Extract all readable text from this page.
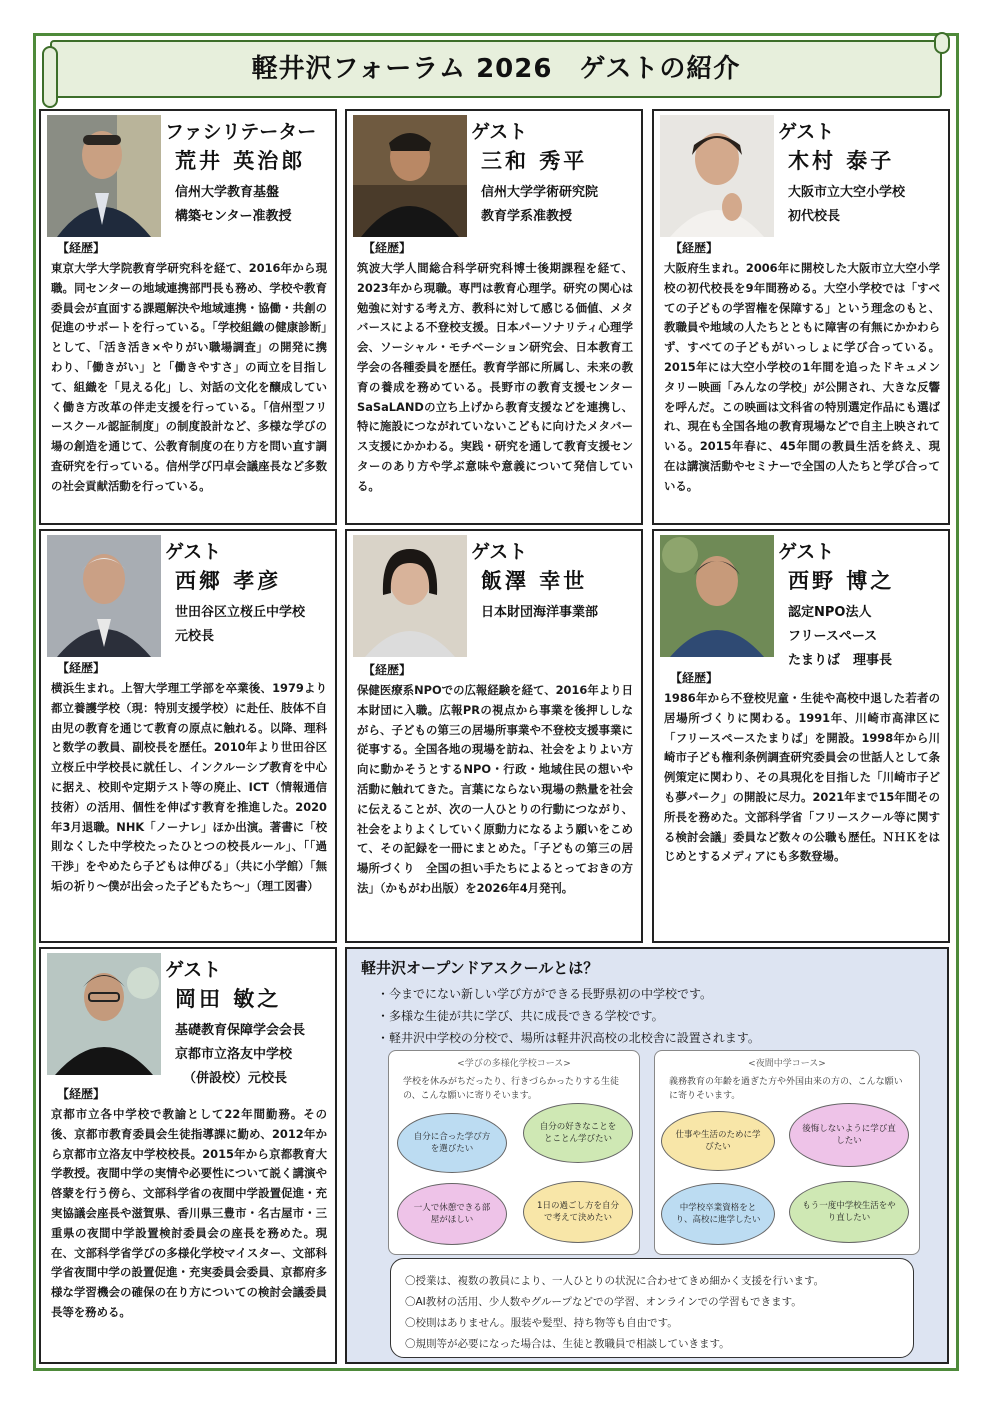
軽井沢フォーラム 2026　ゲストの紹介
ファシリテーター
荒井 英治郎
信州大学教育基盤
構築センター准教授
【経歴】
東京大学大学院教育学研究科を経て、2016年から現職。同センターの地域連携部門長も務め、学校や教育委員会が直面する課題解決や地域連携・協働・共創の促進のサポートを行っている。「学校組織の健康診断」として、「活き活き×やりがい職場調査」の開発に携わり、「働きがい」と「働きやすさ」の両立を目指して、組織を「見える化」し、対話の文化を醸成していく働き方改革の伴走支援を行っている。「信州型フリースクール認証制度」の制度設計など、多様な学びの場の創造を通じて、公教育制度の在り方を問い直す調査研究を行っている。信州学び円卓会議座長など多数の社会貢献活動を行っている。
ゲスト
三和 秀平
信州大学学術研究院
教育学系准教授
【経歴】
筑波大学人間総合科学研究科博士後期課程を経て、2023年から現職。専門は教育心理学。研究の関心は勉強に対する考え方、教科に対して感じる価値、メタバースによる不登校支援。日本パーソナリティ心理学会、ソーシャル・モチベーション研究会、日本教育工学会の各種委員を歴任。教育学部に所属し、未来の教育の養成を務めている。長野市の教育支援センターSaSaLANDの立ち上げから教育支援などを連携し、特に施設につながれていないこどもに向けたメタバース支援にかかわる。実践・研究を通して教育支援センターのあり方や学ぶ意味や意義について発信している。
ゲスト
木村 泰子
大阪市立大空小学校
初代校長
【経歴】
大阪府生まれ。2006年に開校した大阪市立大空小学校の初代校長を9年間務める。大空小学校では「すべての子どもの学習権を保障する」という理念のもと、教職員や地域の人たちとともに障害の有無にかかわらず、すべての子どもがいっしょに学び合っている。2015年には大空小学校の1年間を追ったドキュメンタリー映画「みんなの学校」が公開され、大きな反響を呼んだ。この映画は文科省の特別選定作品にも選ばれ、現在も全国各地の教育現場などで自主上映されている。2015年春に、45年間の教員生活を終え、現在は講演活動やセミナーで全国の人たちと学び合っている。
ゲスト
西郷 孝彦
世田谷区立桜丘中学校
元校長
【経歴】
横浜生まれ。上智大学理工学部を卒業後、1979より都立養護学校（現：特別支援学校）に赴任、肢体不自由児の教育を通じて教育の原点に触れる。以降、理科と数学の教員、副校長を歴任。2010年より世田谷区立桜丘中学校長に就任し、インクルーシブ教育を中心に据え、校則や定期テスト等の廃止、ICT（情報通信技術）の活用、個性を伸ばす教育を推進した。2020年3月退職。NHK「ノーナレ」ほか出演。著書に「校則なくした中学校たったひとつの校長ルール」、「「過干渉」をやめたら子どもは伸びる」（共に小学館）「無垢の祈り～僕が出会った子どもたち～」（理工図書）
ゲスト
飯澤 幸世
日本財団海洋事業部
【経歴】
保健医療系NPOでの広報経験を経て、2016年より日本財団に入職。広報PRの視点から事業を後押ししながら、子どもの第三の居場所事業や不登校支援事業に従事する。全国各地の現場を訪ね、社会をよりよい方向に動かそうとするNPO・行政・地域住民の想いや活動に触れてきた。言葉にならない現場の熱量を社会に伝えることが、次の一人ひとりの行動につながり、社会をよりよくしていく原動力になるよう願いをこめて、その記録を一冊にまとめた。「子どもの第三の居場所づくり　全国の担い手たちによるとっておきの方法」（かもがわ出版）を2026年4月発刊。
ゲスト
西野 博之
認定NPO法人
フリースペース
たまりば　理事長
【経歴】
1986年から不登校児童・生徒や高校中退した若者の居場所づくりに関わる。1991年、川崎市高津区に「フリースペースたまりば」を開設。1998年から川崎市子ども権利条例調査研究委員会の世話人として条例策定に関わり、その具現化を目指した「川崎市子ども夢パーク」の開設に尽力。2021年まで15年間その所長を務めた。文部科学省「フリースクール等に関する検討会議」委員など数々の公職も歴任。ＮＨＫをはじめとするメディアにも多数登場。
ゲスト
岡田 敏之
基礎教育保障学会会長
京都市立洛友中学校
（併設校）元校長
【経歴】
京都市立各中学校で教諭として22年間勤務。その後、京都市教育委員会生徒指導課に勤め、2012年から京都市立洛友中学校校長。2015年から京都教育大学教授。夜間中学の実情や必要性について説く講演や啓蒙を行う傍ら、文部科学省の夜間中学設置促進・充実協議会座長や滋賀県、香川県三豊市・名古屋市・三重県の夜間中学設置検討委員会の座長を務めた。現在、文部科学省学びの多様化学校マイスター、文部科学省夜間中学の設置促進・充実委員会委員、京都府多様な学習機会の確保の在り方についての検討会議委員長等を務める。
軽井沢オープンドアスクールとは？
・ 今までにない新しい学び方ができる長野県初の中学校です。
・ 多様な生徒が共に学び、共に成長できる学校です。
・ 軽井沢中学校の分校で、場所は軽井沢高校の北校舎に設置されます。
<学びの多様化学校コース>
学校を休みがちだったり、行きづらかったりする生徒の、こんな願いに寄りそいます。
自分に合った学び方を選びたい
自分の好きなことをとことん学びたい
一人で休憩できる部屋がほしい
1日の過ごし方を自分で考えて決めたい
<夜間中学コース>
義務教育の年齢を過ぎた方や外国由来の方の、こんな願いに寄りそいます。
仕事や生活のために学びたい
後悔しないように学び直したい
中学校卒業資格をとり、高校に進学したい
もう一度中学校生活をやり直したい

〇授業は、複数の教員により、一人ひとりの状況に合わせてきめ細かく支援を行います。

〇AI教材の活用、少人数やグループなどでの学習、オンラインでの学習もできます。

〇校則はありません。服装や髪型、持ち物等も自由です。

〇規則等が必要になった場合は、生徒と教職員で相談していきます。
